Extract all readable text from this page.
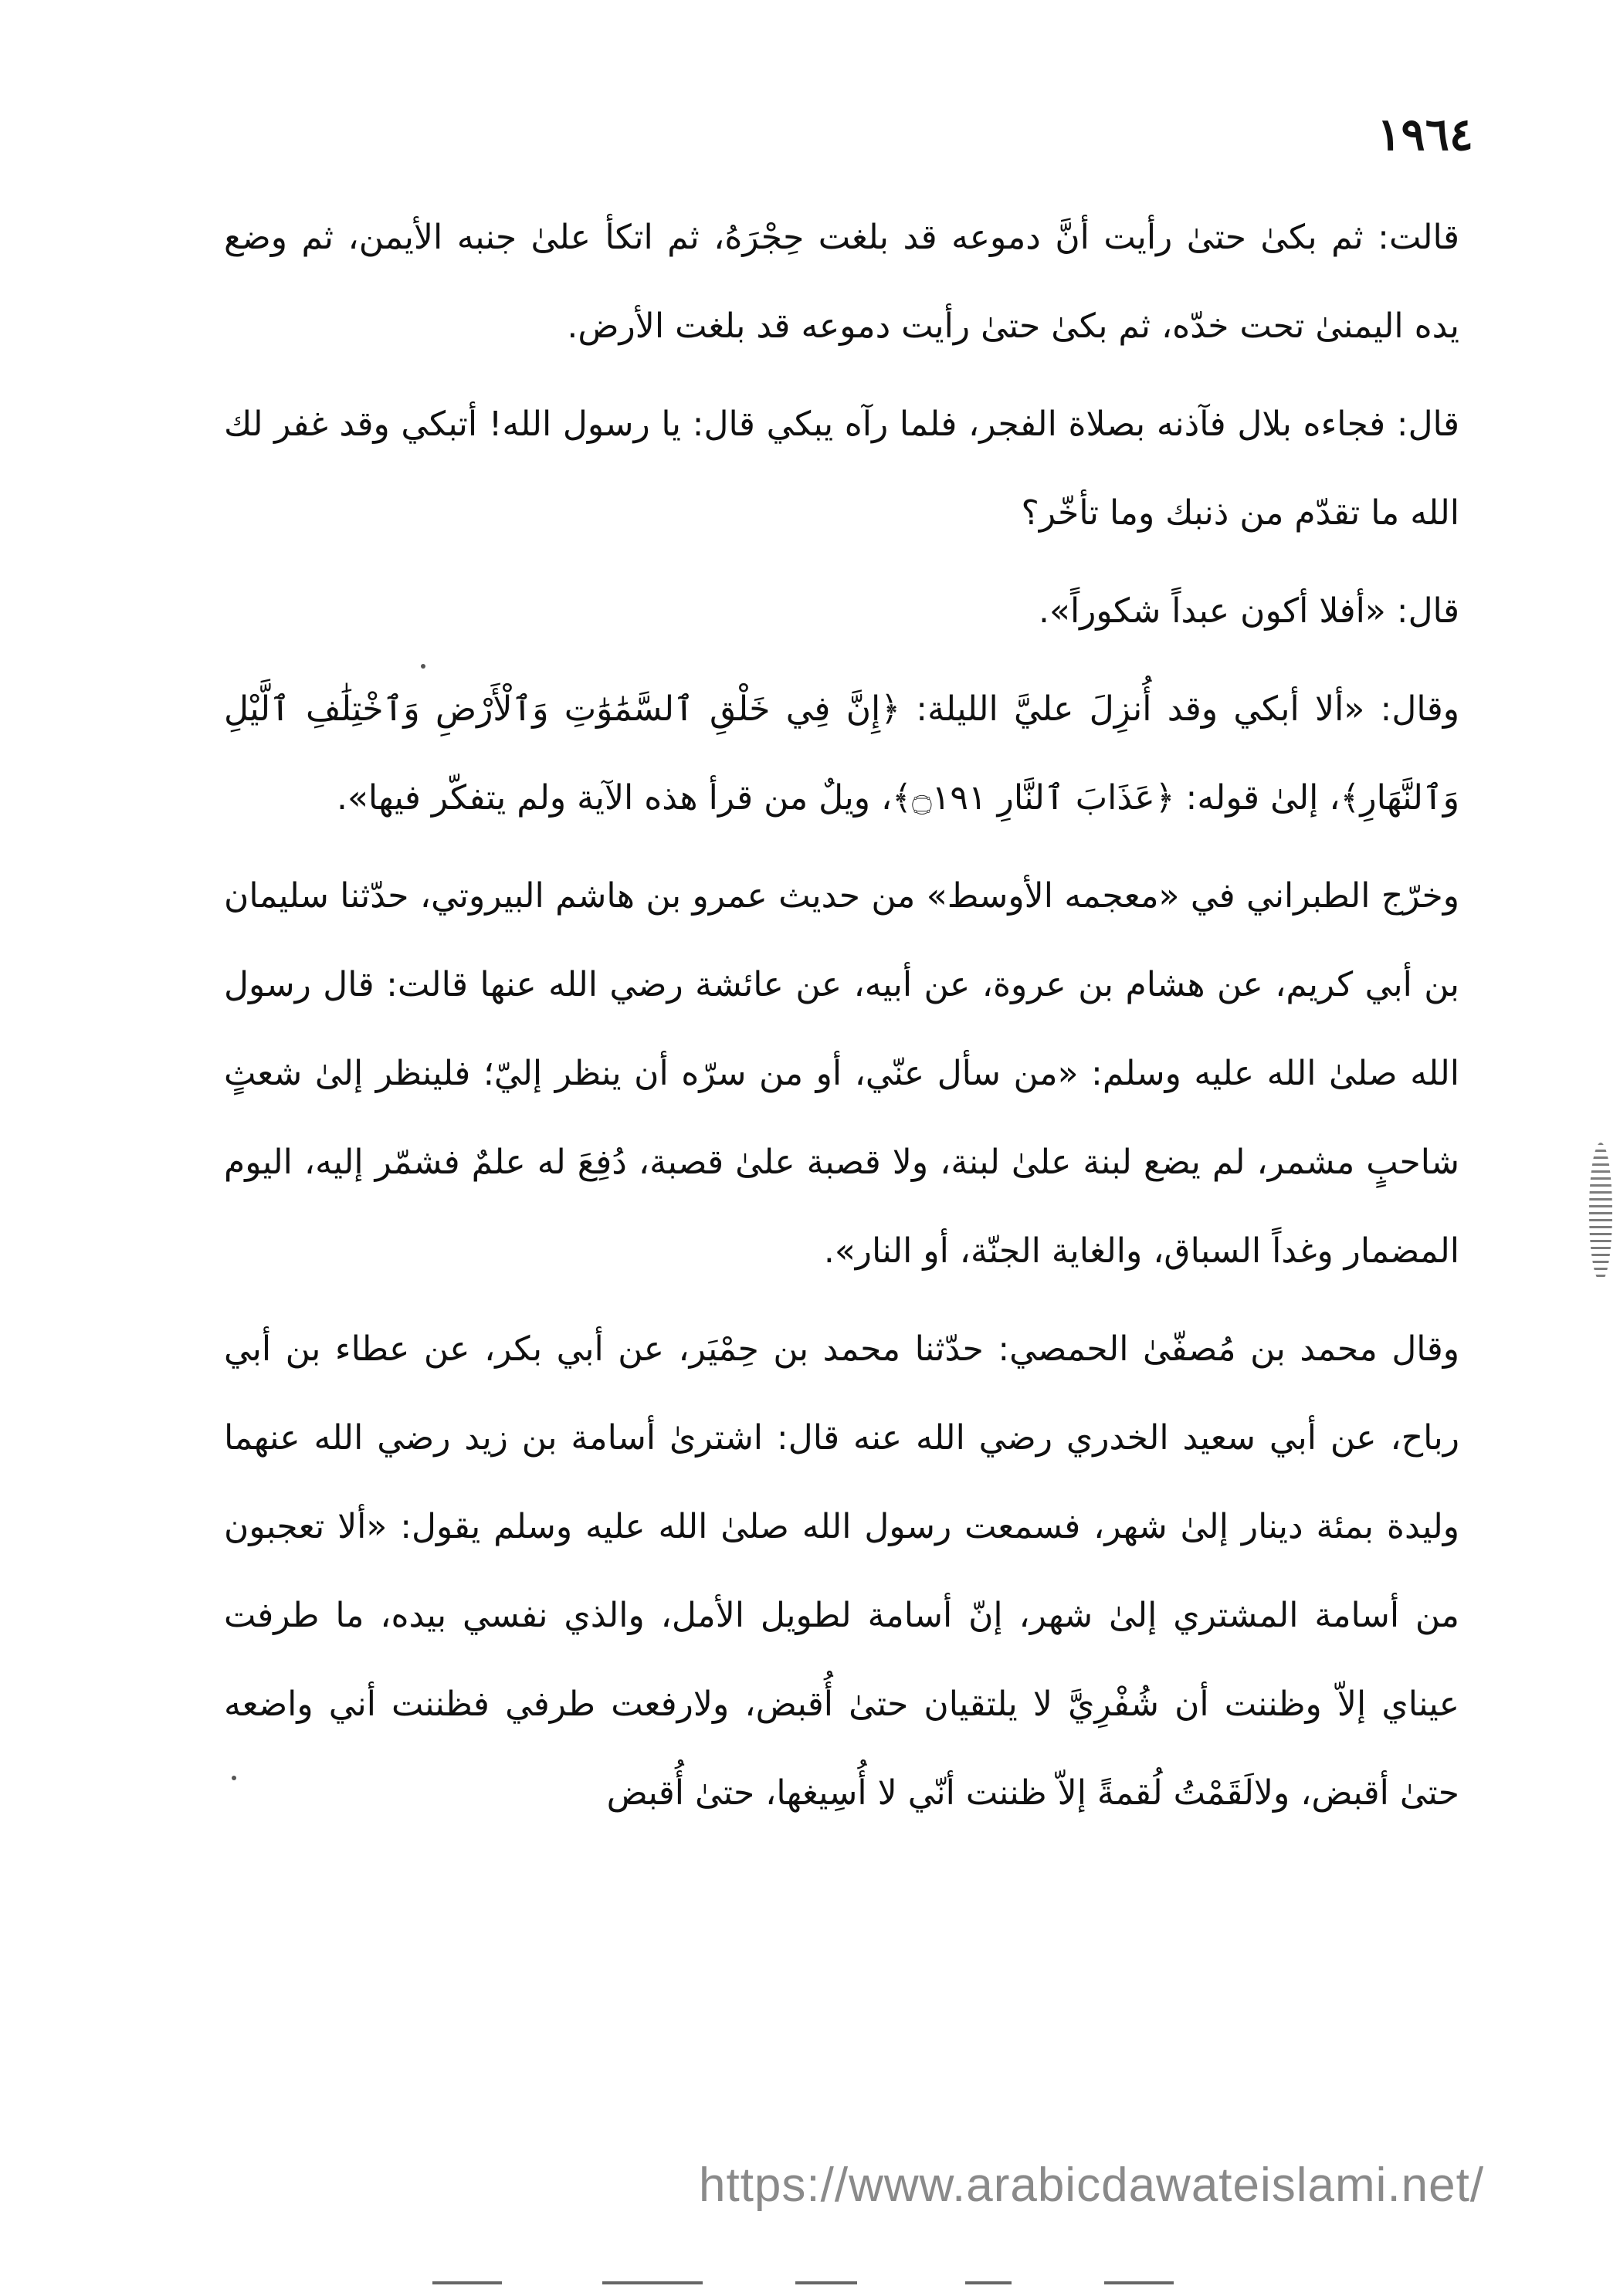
١٩٦٤

قالت: ثم بكىٰ حتىٰ رأيت أنَّ دموعه قد بلغت حِجْرَهُ، ثم اتكأ علىٰ جنبه الأيمن، ثم وضع يده اليمنىٰ تحت خدّه، ثم بكىٰ حتىٰ رأيت دموعه قد بلغت الأرض.

قال: فجاءه بلال فآذنه بصلاة الفجر، فلما رآه يبكي قال: يا رسول الله! أتبكي وقد غفر لك الله ما تقدّم من ذنبك وما تأخّر؟

قال: «أفلا أكون عبداً شكوراً».

وقال: «ألا أبكي وقد أُنزِلَ عليَّ الليلة: ﴿إِنَّ فِي خَلْقِ ٱلسَّمَٰوَٰتِ وَٱلْأَرْضِ وَٱخْتِلَٰفِ ٱلَّيْلِ وَٱلنَّهَارِ﴾، إلىٰ قوله: ﴿عَذَابَ ٱلنَّارِ ۝١٩١﴾، ويلٌ من قرأ هذه الآية ولم يتفكّر فيها».

وخرّج الطبراني في «معجمه الأوسط» من حديث عمرو بن هاشم البيروتي، حدّثنا سليمان بن أبي كريم، عن هشام بن عروة، عن أبيه، عن عائشة رضي الله عنها قالت: قال رسول الله صلىٰ الله عليه وسلم: «من سأل عنّي، أو من سرّه أن ينظر إليّ؛ فلينظر إلىٰ شعثٍ شاحبٍ مشمر، لم يضع لبنة علىٰ لبنة، ولا قصبة علىٰ قصبة، دُفِعَ له علمٌ فشمّر إليه، اليوم المضمار وغداً السباق، والغاية الجنّة، أو النار».

وقال محمد بن مُصفّىٰ الحمصي: حدّثنا محمد بن حِمْيَر، عن أبي بكر، عن عطاء بن أبي رباح، عن أبي سعيد الخدري رضي الله عنه قال: اشترىٰ أسامة بن زيد رضي الله عنهما وليدة بمئة دينار إلىٰ شهر، فسمعت رسول الله صلىٰ الله عليه وسلم يقول: «ألا تعجبون من أسامة المشتري إلىٰ شهر، إنّ أسامة لطويل الأمل، والذي نفسي بيده، ما طرفت عيناي إلاّ وظننت أن شُفْرِيَّ لا يلتقيان حتىٰ أُقبض، ولارفعت طرفي فظننت أني واضعه حتىٰ أقبض، ولالَقَمْتُ لُقمةً إلاّ ظننت أنّي لا أُسِيغها، حتىٰ أُقبض

https://www.arabicdawateislami.net/
